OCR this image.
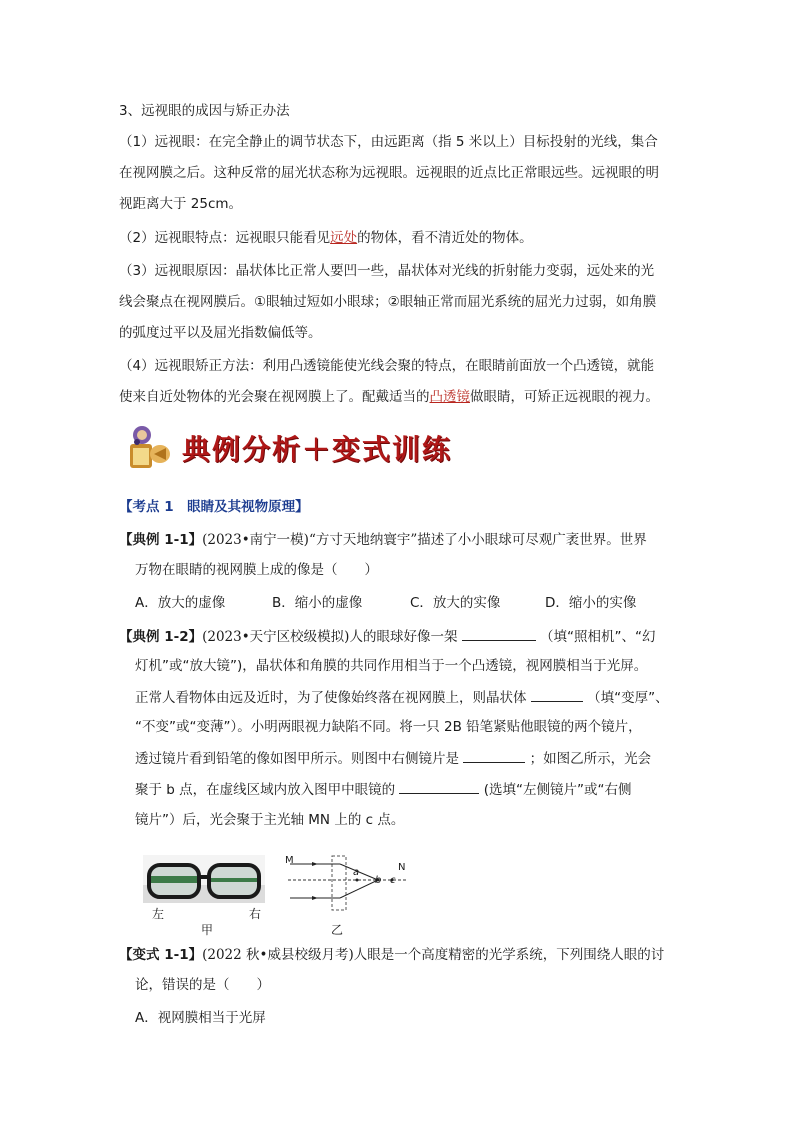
3、远视眼的成因与矫正办法
（1）远视眼：在完全静止的调节状态下，由远距离（指 5 米以上）目标投射的光线，集合
在视网膜之后。这种反常的屈光状态称为远视眼。远视眼的近点比正常眼远些。远视眼的明
视距离大于 25cm。
（2）远视眼特点：远视眼只能看见远处的物体，看不清近处的物体。
（3）远视眼原因：晶状体比正常人要凹一些，晶状体对光线的折射能力变弱，远处来的光
线会聚点在视网膜后。①眼轴过短如小眼球；②眼轴正常而屈光系统的屈光力过弱，如角膜
的弧度过平以及屈光指数偏低等。
（4）远视眼矫正方法：利用凸透镜能使光线会聚的特点，在眼睛前面放一个凸透镜，就能
使来自近处物体的光会聚在视网膜上了。配戴适当的凸透镜做眼睛，可矫正远视眼的视力。
典例分析＋变式训练
【考点 1　眼睛及其视物原理】
【典例 1-1】(2023•南宁一模)“方寸天地纳寰宇”描述了小小眼球可尽观广袤世界。世界
万物在眼睛的视网膜上成的像是（　　）
A．放大的虚像	B．缩小的虚像	C．放大的实像	D．缩小的实像
【典例 1-2】(2023•天宁区校级模拟)人的眼球好像一架	（填“照相机”、“幻
灯机”或“放大镜”)，晶状体和角膜的共同作用相当于一个凸透镜，视网膜相当于光屏。
正常人看物体由远及近时，为了使像始终落在视网膜上，则晶状体	（填“变厚”、
“不变”或“变薄”）。小明两眼视力缺陷不同。将一只 2B 铅笔紧贴他眼镜的两个镜片，
透过镜片看到铅笔的像如图甲所示。则图中右侧镜片是	；如图乙所示，光会
聚于 b 点，在虚线区域内放入图甲中眼镜的	(选填“左侧镜片”或“右侧
镜片”）后，光会聚于主光轴 MN 上的 c 点。
左	右
甲
M
N
a
b c
乙
【变式 1-1】(2022 秋•威县校级月考)人眼是一个高度精密的光学系统，下列围绕人眼的讨
论，错误的是（　　）
A．视网膜相当于光屏
